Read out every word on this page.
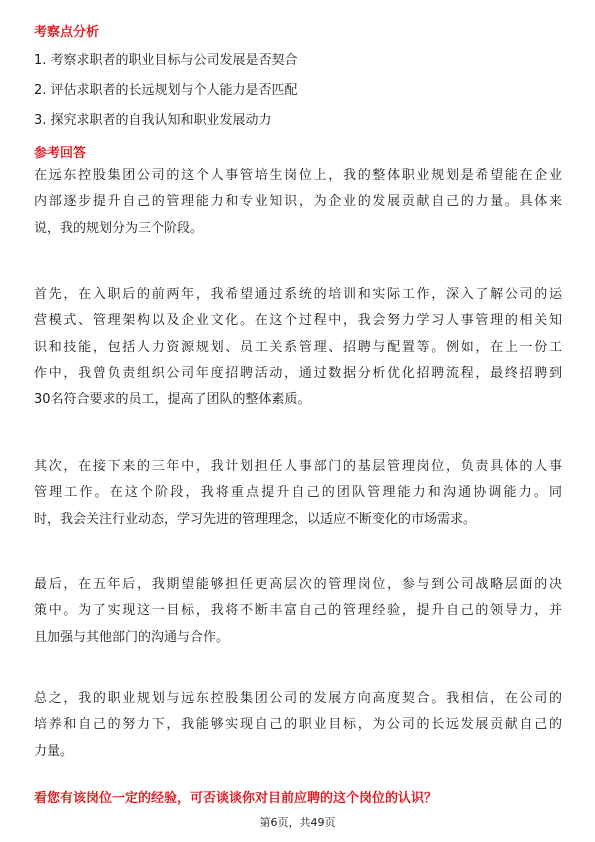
考察点分析
1. 考察求职者的职业目标与公司发展是否契合
2. 评估求职者的长远规划与个人能力是否匹配
3. 探究求职者的自我认知和职业发展动力
参考回答
在远东控股集团公司的这个人事管培生岗位上，我的整体职业规划是希望能在企业
内部逐步提升自己的管理能力和专业知识，为企业的发展贡献自己的力量。具体来
说，我的规划分为三个阶段。
首先，在入职后的前两年，我希望通过系统的培训和实际工作，深入了解公司的运
营模式、管理架构以及企业文化。在这个过程中，我会努力学习人事管理的相关知
识和技能，包括人力资源规划、员工关系管理、招聘与配置等。例如，在上一份工
作中，我曾负责组织公司年度招聘活动，通过数据分析优化招聘流程，最终招聘到
30名符合要求的员工，提高了团队的整体素质。
其次，在接下来的三年中，我计划担任人事部门的基层管理岗位，负责具体的人事
管理工作。在这个阶段，我将重点提升自己的团队管理能力和沟通协调能力。同
时，我会关注行业动态，学习先进的管理理念，以适应不断变化的市场需求。
最后，在五年后，我期望能够担任更高层次的管理岗位，参与到公司战略层面的决
策中。为了实现这一目标，我将不断丰富自己的管理经验，提升自己的领导力，并
且加强与其他部门的沟通与合作。
总之，我的职业规划与远东控股集团公司的发展方向高度契合。我相信，在公司的
培养和自己的努力下，我能够实现自己的职业目标，为公司的长远发展贡献自己的
力量。
看您有该岗位一定的经验，可否谈谈你对目前应聘的这个岗位的认识？
第6页，共49页
